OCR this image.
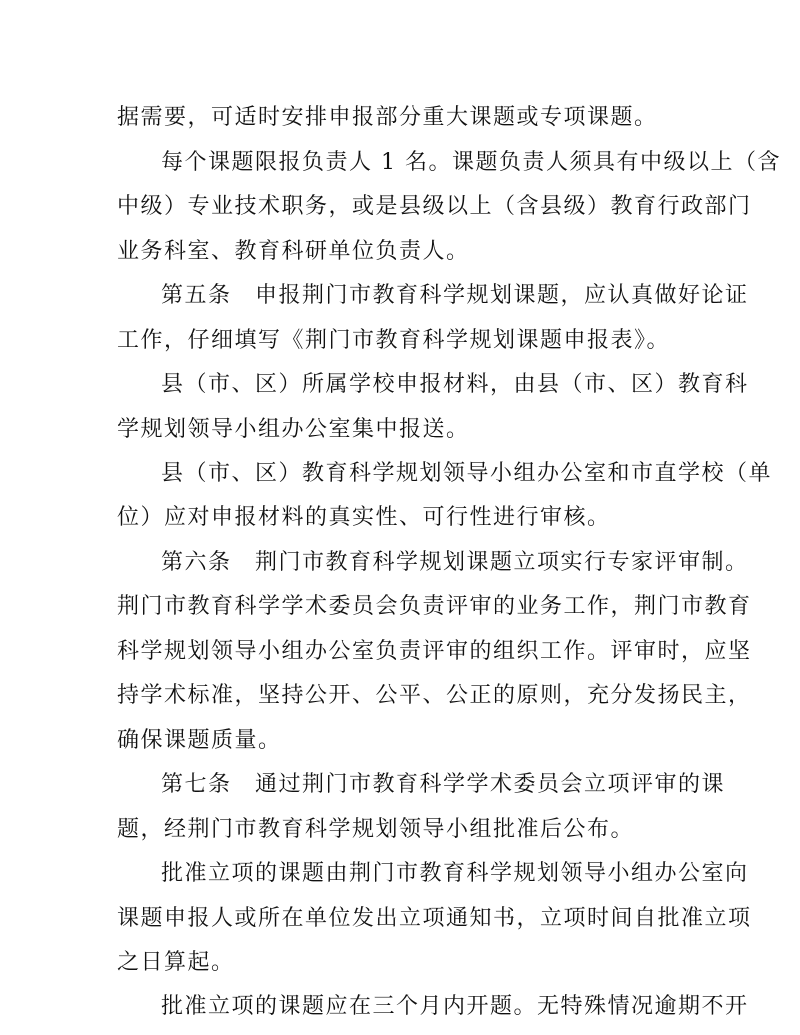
据需要，可适时安排申报部分重大课题或专项课题。
每个课题限报负责人 1 名。课题负责人须具有中级以上（含
中级）专业技术职务，或是县级以上（含县级）教育行政部门
业务科室、教育科研单位负责人。
第五条　申报荆门市教育科学规划课题，应认真做好论证
工作，仔细填写《荆门市教育科学规划课题申报表》。
县（市、区）所属学校申报材料，由县（市、区）教育科
学规划领导小组办公室集中报送。
县（市、区）教育科学规划领导小组办公室和市直学校（单
位）应对申报材料的真实性、可行性进行审核。
第六条　荆门市教育科学规划课题立项实行专家评审制。
荆门市教育科学学术委员会负责评审的业务工作，荆门市教育
科学规划领导小组办公室负责评审的组织工作。评审时，应坚
持学术标准，坚持公开、公平、公正的原则，充分发扬民主，
确保课题质量。
第七条　通过荆门市教育科学学术委员会立项评审的课
题，经荆门市教育科学规划领导小组批准后公布。
批准立项的课题由荆门市教育科学规划领导小组办公室向
课题申报人或所在单位发出立项通知书，立项时间自批准立项
之日算起。
批准立项的课题应在三个月内开题。无特殊情况逾期不开
